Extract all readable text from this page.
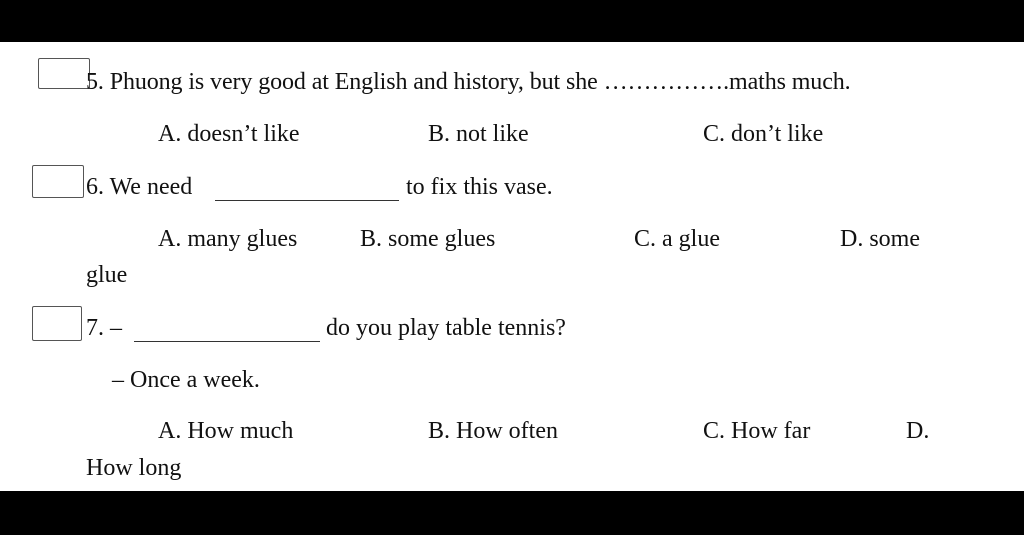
5. Phuong is very good at English and history, but she …………….maths much.
A. doesn’t like	B. not like	C. don’t like
6. We need	to fix this vase.
A. many glues	B. some glues	C. a glue	D. some
glue
7. –	do you play table tennis?
– Once a week.
A. How much	B. How often	C. How far	D.
How long
